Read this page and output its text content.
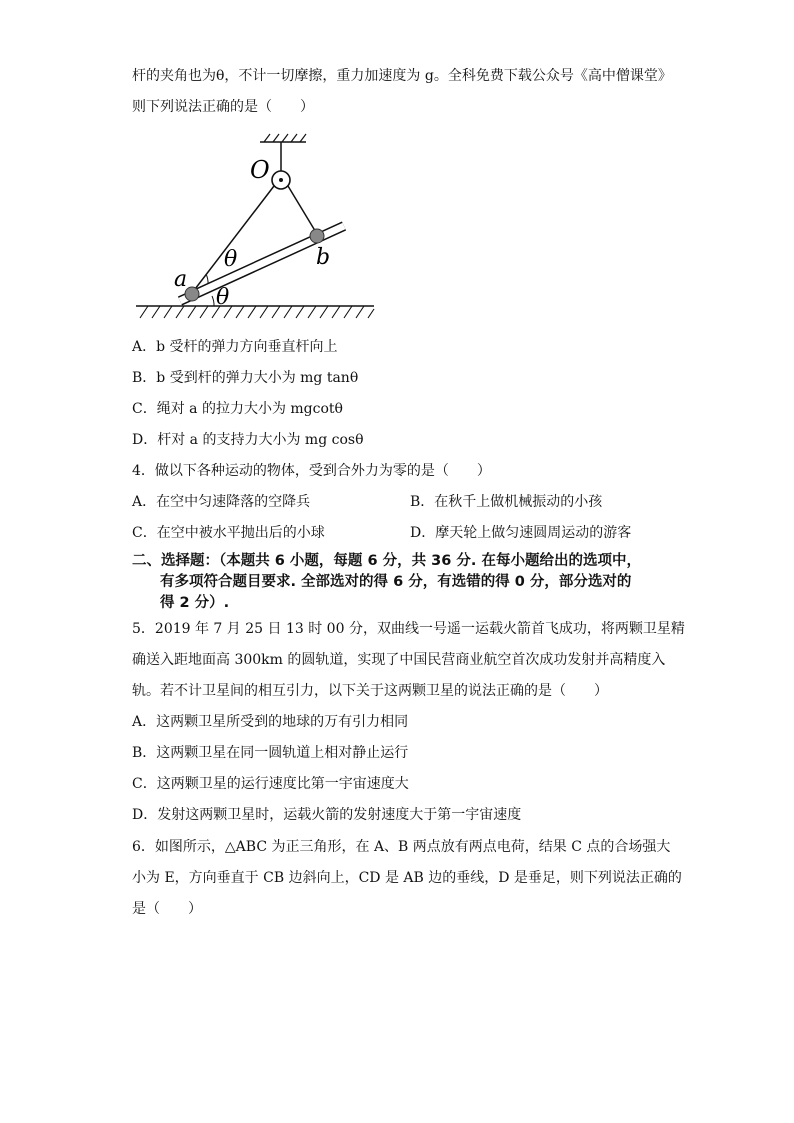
杆的夹角也为θ，不计一切摩擦，重力加速度为 g。全科免费下载公众号《高中僧课堂》
则下列说法正确的是（　　）
O
a
b
θ
θ
A．b 受杆的弹力方向垂直杆向上
B．b 受到杆的弹力大小为 mg tanθ
C．绳对 a 的拉力大小为 mgcotθ
D．杆对 a 的支持力大小为 mg cosθ
4．做以下各种运动的物体，受到合外力为零的是（　　）
A．在空中匀速降落的空降兵	B．在秋千上做机械振动的小孩
C．在空中被水平抛出后的小球	D．摩天轮上做匀速圆周运动的游客
二、选择题：（本题共 6 小题，每题 6 分，共 36 分. 在每小题给出的选项中，
有多项符合题目要求. 全部选对的得 6 分，有选错的得 0 分，部分选对的
得 2 分）.
5．2019 年 7 月 25 日 13 时 00 分，双曲线一号遥一运载火箭首飞成功，将两颗卫星精
确送入距地面高 300km 的圆轨道，实现了中国民营商业航空首次成功发射并高精度入
轨。若不计卫星间的相互引力，以下关于这两颗卫星的说法正确的是（　　）
A．这两颗卫星所受到的地球的万有引力相同
B．这两颗卫星在同一圆轨道上相对静止运行
C．这两颗卫星的运行速度比第一宇宙速度大
D．发射这两颗卫星时，运载火箭的发射速度大于第一宇宙速度
6．如图所示，△ABC 为正三角形，在 A、B 两点放有两点电荷，结果 C 点的合场强大
小为 E，方向垂直于 CB 边斜向上，CD 是 AB 边的垂线，D 是垂足，则下列说法正确的
是（　　）
